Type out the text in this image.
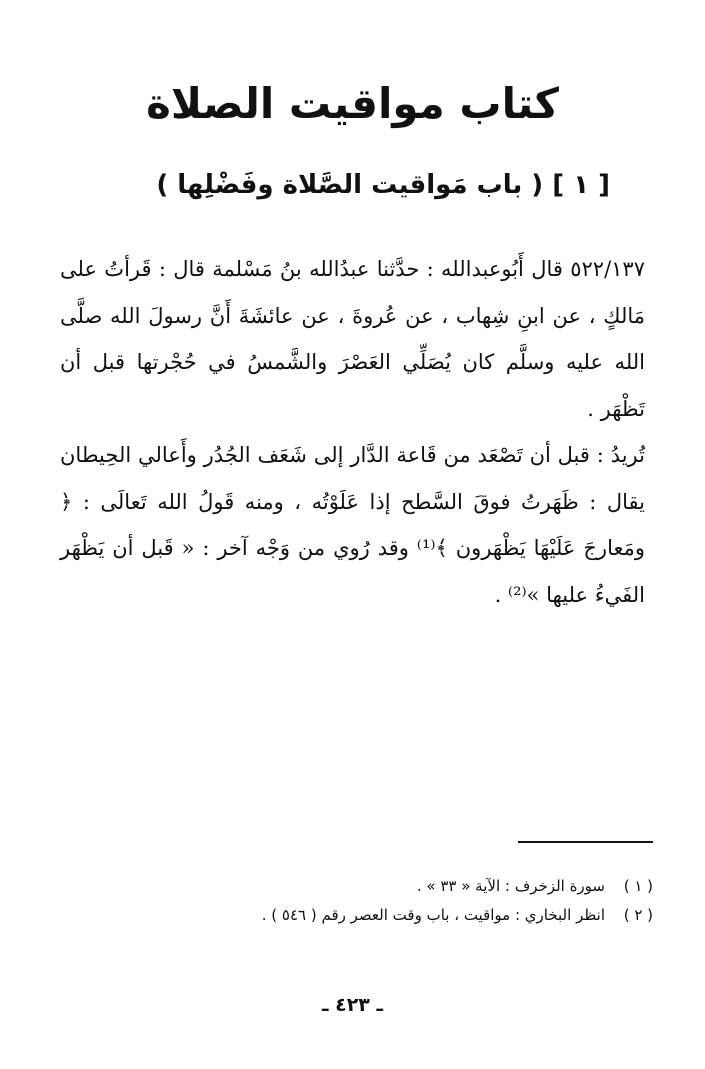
كتاب مواقيت الصلاة
[ ١ ] ( باب مَواقيت الصَّلاة وفَضْلِها )

٥٢٢/١٣٧ قال أَبُوعبدالله : حدَّثنا عبدُالله بنُ مَسْلمة قال : قَرأتُ على مَالكٍ ، عن ابنِ شِهاب ، عن عُروةَ ، عن عائشَةَ أَنَّ رسولَ الله صلَّى الله عليه وسلَّم كان يُصَلِّي العَصْرَ والشَّمسُ في حُجْرتها قبل أن تَظْهَر .

تُريدُ : قبل أن تَصْعَد من قَاعة الدَّار إلى شَعَف الجُدُر وأَعالي الحِيطان يقال : ظَهَرتُ فوقَ السَّطح إذا عَلَوْتُه ، ومنه قَولُ الله تَعالَى : ﴿ ومَعارجَ عَلَيْهَا يَظْهَرون ﴾⁽¹⁾ وقد رُوي من وَجْه آخر : « قَبل أن يَظْهَر الفَيءُ عليها »⁽²⁾ .

( ١ )
سورة الزخرف : الآية « ٣٣ » .
( ٢ )
انظر البخاري : مواقيت ، باب وقت العصر رقم ( ٥٤٦ ) .
ـ ٤٢٣ ـ
